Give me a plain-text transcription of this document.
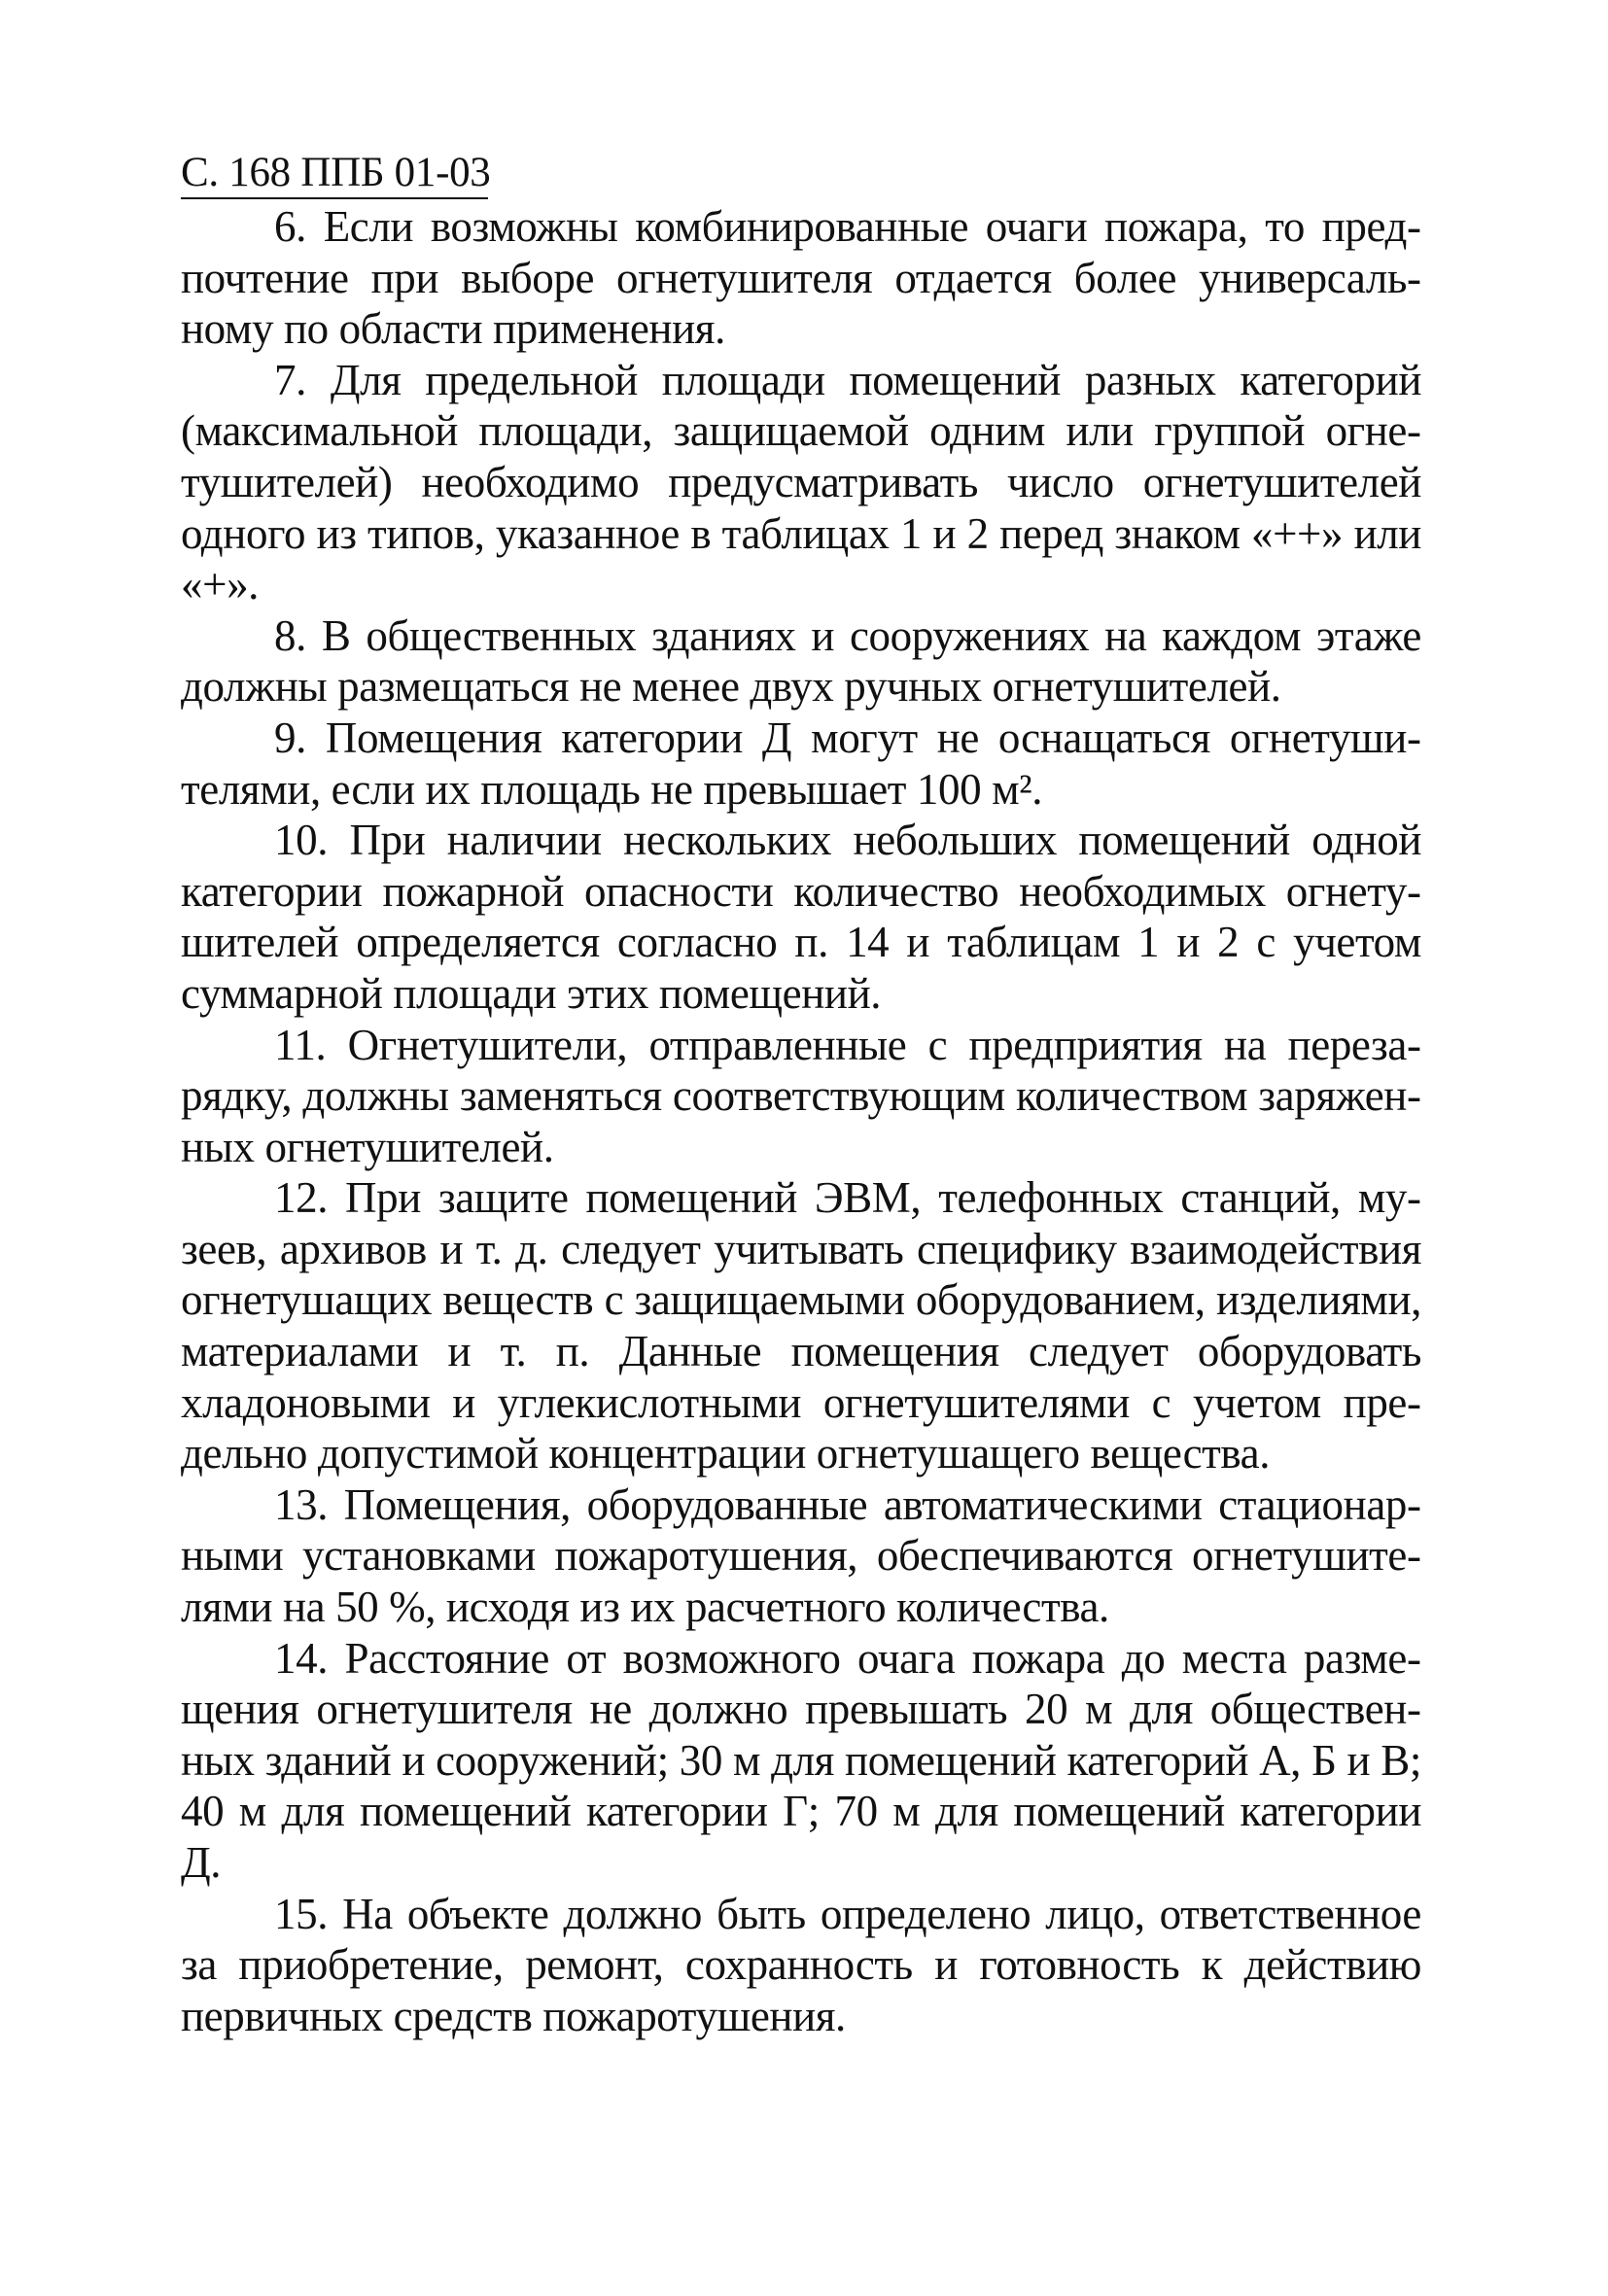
С. 168 ППБ 01-03

6. Если возможны комбинированные очаги пожара, то предпочтение при выборе огнетушителя отдается более универсальному по области применения.

7. Для предельной площади помещений разных категорий (максимальной площади, защищаемой одним или группой огнетушителей) необходимо предусматривать число огнетушителей одного из типов, указанное в таблицах 1 и 2 перед знаком «++» или «+».

8. В общественных зданиях и сооружениях на каждом этаже должны размещаться не менее двух ручных огнетушителей.

9. Помещения категории Д могут не оснащаться огнетушителями, если их площадь не превышает 100 м².

10. При наличии нескольких небольших помещений одной категории пожарной опасности количество необходимых огнетушителей определяется согласно п. 14 и таблицам 1 и 2 с учетом суммарной площади этих помещений.

11. Огнетушители, отправленные с предприятия на перезарядку, должны заменяться соответствующим количеством заряженных огнетушителей.

12. При защите помещений ЭВМ, телефонных станций, музеев, архивов и т. д. следует учитывать специфику взаимодействия огнетушащих веществ с защищаемыми оборудованием, изделиями, материалами и т. п. Данные помещения следует оборудовать хладоновыми и углекислотными огнетушителями с учетом предельно допустимой концентрации огнетушащего вещества.

13. Помещения, оборудованные автоматическими стационарными установками пожаротушения, обеспечиваются огнетушителями на 50 %, исходя из их расчетного количества.

14. Расстояние от возможного очага пожара до места размещения огнетушителя не должно превышать 20 м для общественных зданий и сооружений; 30 м для помещений категорий А, Б и В; 40 м для помещений категории Г; 70 м для помещений категории Д.

15. На объекте должно быть определено лицо, ответственное за приобретение, ремонт, сохранность и готовность к действию первичных средств пожаротушения.
